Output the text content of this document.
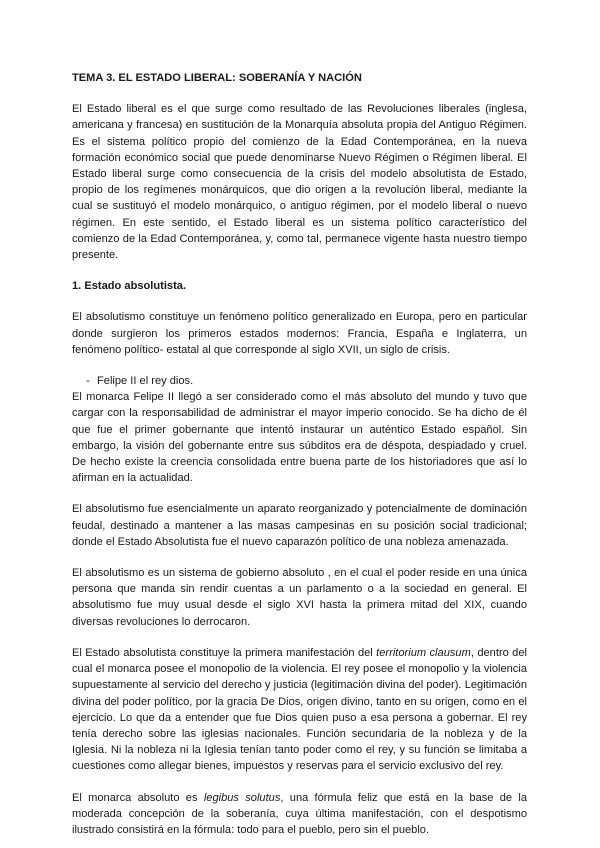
TEMA 3. EL ESTADO LIBERAL: SOBERANÍA Y NACIÓN

El Estado liberal es el que surge como resultado de las Revoluciones liberales (inglesa, americana y francesa) en sustitución de la Monarquía absoluta propia del Antiguo Régimen. Es el sistema político propio del comienzo de la Edad Contemporánea, en la nueva formación económico social que puede denominarse Nuevo Régimen o Régimen liberal. El Estado liberal surge como consecuencia de la crisis del modelo absolutista de Estado, propio de los regímenes monárquicos, que dio origen a la revolución liberal, mediante la cual se sustituyó el modelo monárquico, o antiguo régimen, por el modelo liberal o nuevo régimen. En este sentido, el Estado liberal es un sistema político característico del comienzo de la Edad Contemporánea, y, como tal, permanece vigente hasta nuestro tiempo presente.

1. Estado absolutista.

El absolutismo constituye un fenómeno político generalizado en Europa, pero en particular donde surgieron los primeros estados modernos: Francia, España e Inglaterra, un fenómeno político- estatal al que corresponde al siglo XVII, un siglo de crisis.

- Felipe II el rey dios.

El monarca Felipe II llegó a ser considerado como el más absoluto del mundo y tuvo que cargar con la responsabilidad de administrar el mayor imperio conocido. Se ha dicho de él que fue el primer gobernante que intentó instaurar un auténtico Estado español. Sin embargo, la visión del gobernante entre sus súbditos era de déspota, despiadado y cruel. De hecho existe la creencia consolidada entre buena parte de los historiadores que así lo afirman en la actualidad.

El absolutismo fue esencialmente un aparato reorganizado y potencialmente de dominación feudal, destinado a mantener a las masas campesinas en su posición social tradicional; donde el Estado Absolutista fue el nuevo caparazón político de una nobleza amenazada.

El absolutismo es un sistema de gobierno absoluto , en el cual el poder reside en una única persona que manda sin rendir cuentas a un parlamento o a la sociedad en general. El absolutismo fue muy usual desde el siglo XVI hasta la primera mitad del XIX, cuando diversas revoluciones lo derrocaron.

El Estado absolutista constituye la primera manifestación del territorium clausum, dentro del cual el monarca posee el monopolio de la violencia. El rey posee el monopolio y la violencia supuestamente al servicio del derecho y justicia (legitimación divina del poder). Legitimación divina del poder político, por la gracia De Dios, origen divino, tanto en su origen, como en el ejercicio. Lo que da a entender que fue Dios quien puso a esa persona a gobernar. El rey tenía derecho sobre las iglesias nacionales. Función secundaria de la nobleza y de la Iglesia. Ni la nobleza ni la Iglesia tenían tanto poder como el rey, y su función se limitaba a cuestiones como allegar bienes, impuestos y reservas para el servicio exclusivo del rey.

El monarca absoluto es legibus solutus, una fórmula feliz que está en la base de la moderada concepción de la soberanía, cuya última manifestación, con el despotismo ilustrado consistirá en la fórmula: todo para el pueblo, pero sin el pueblo.
